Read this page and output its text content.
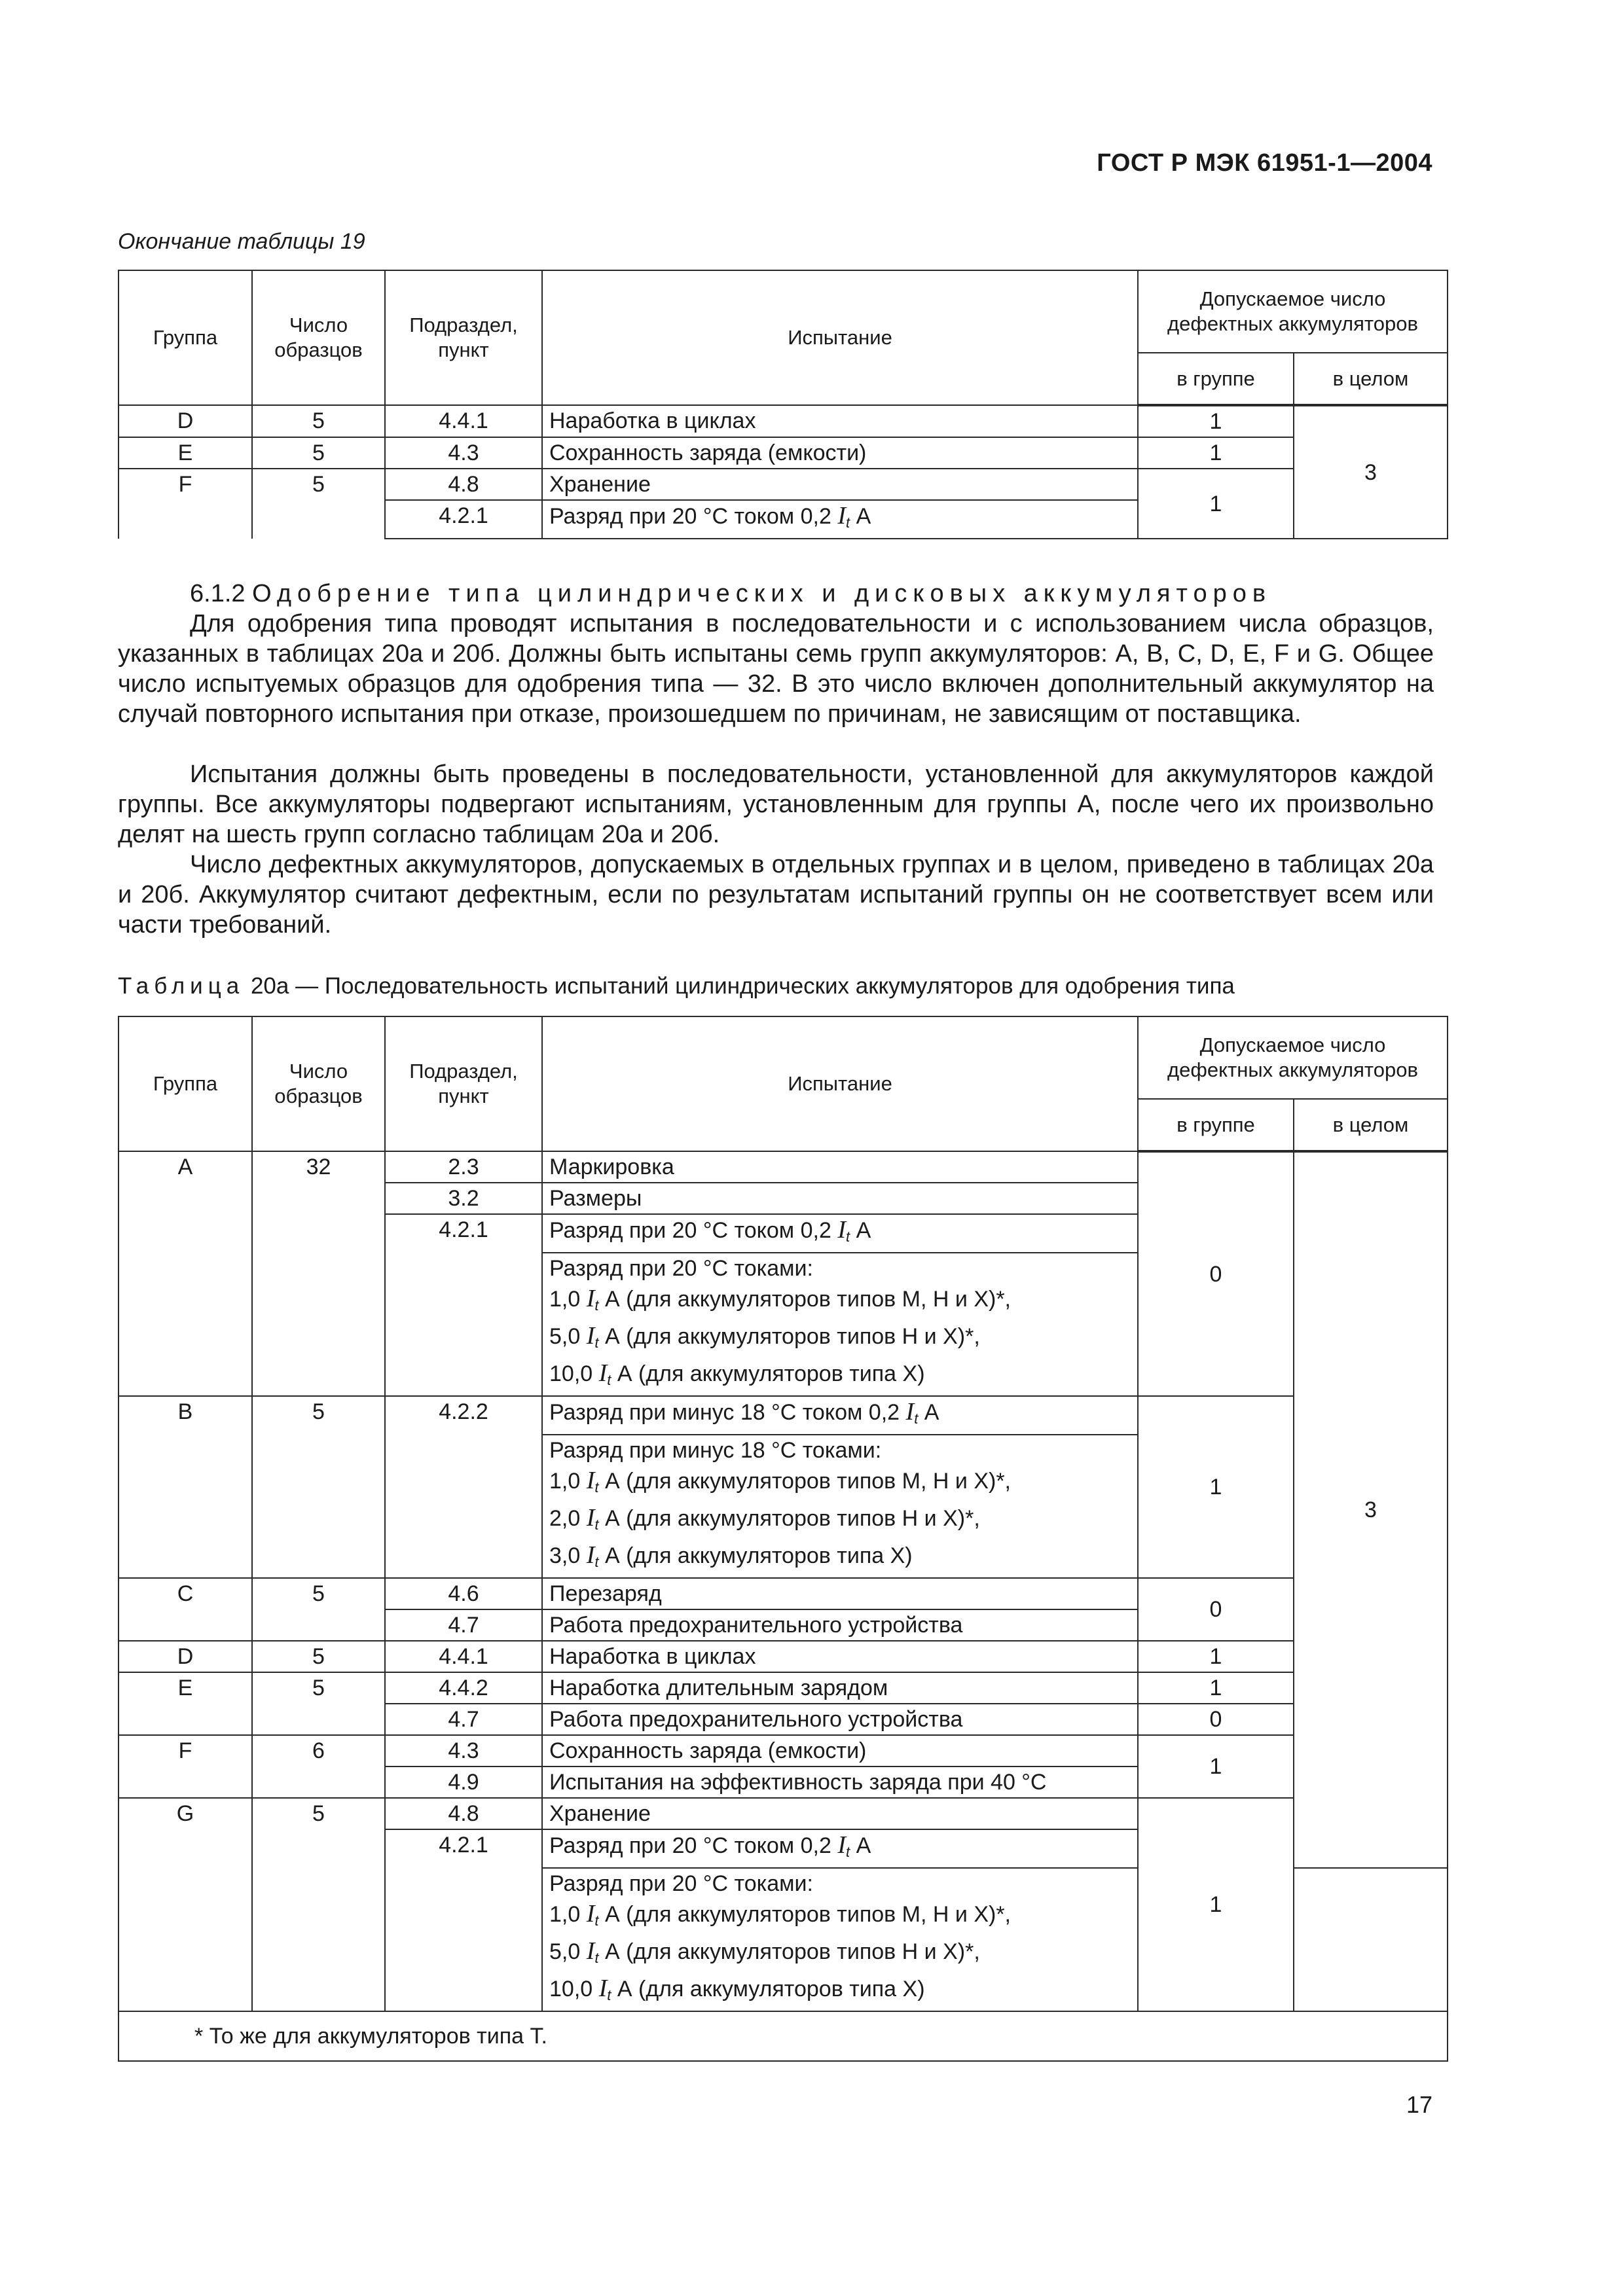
ГОСТ Р МЭК 61951-1—2004
Окончание таблицы 19
Группа	Число образцов	Подраздел, пункт	Испытание	Допускаемое число дефектных аккумуляторов	
				в группе	в целом
D	5	4.4.1	Наработка в циклах	1	3
E	5	4.3	Сохранность заряда (емкости)	1	
F	5	4.8	Хранение	1	
		4.2.1	Разряд при 20 °С током 0,2 $I_t$ А		
6.1.2 Одобрение типа цилиндрических и дисковых аккумуляторов
Для одобрения типа проводят испытания в последовательности и с использованием числа образцов, указанных в таблицах 20а и 20б. Должны быть испытаны семь групп аккумуляторов: А, B, C, D, E, F и G. Общее число испытуемых образцов для одобрения типа — 32. В это число включен дополнительный аккумулятор на случай повторного испытания при отказе, произошедшем по причинам, не зависящим от поставщика.
Испытания должны быть проведены в последовательности, установленной для аккумуляторов каждой группы. Все аккумуляторы подвергают испытаниям, установленным для группы А, после чего их произвольно делят на шесть групп согласно таблицам 20а и 20б.
Число дефектных аккумуляторов, допускаемых в отдельных группах и в целом, приведено в таблицах 20а и 20б. Аккумулятор считают дефектным, если по результатам испытаний группы он не соответствует всем или части требований.
Таблица 20а — Последовательность испытаний цилиндрических аккумуляторов для одобрения типа
Группа	Число образцов	Подраздел, пункт	Испытание	Допускаемое число дефектных аккумуляторов		
				в группе	в целом	
A	32	2.3	Маркировка	0	3	
		3.2	Размеры			
		4.2.1	Разряд при 20 °С током 0,2 $I_t$ А			

			Разряд при 20 °С токами:
1,0 $I_t$ А (для аккумуляторов типов M, H и X)*,
5,0 $I_t$ А (для аккумуляторов типов H и X)*,
10,0 $I_t$ А (для аккумуляторов типа X)			

B	5	4.2.2	Разряд при минус 18 °С током 0,2 $I_t$ А	1		

			Разряд при минус 18 °С токами:
1,0 $I_t$ А (для аккумуляторов типов M, H и X)*,
2,0 $I_t$ А (для аккумуляторов типов H и X)*,
3,0 $I_t$ А (для аккумуляторов типа X)			

C	5	4.6	Перезаряд	0		
		4.7	Работа предохранительного устройства			
D	5	4.4.1	Наработка в циклах	1		
E	5	4.4.2	Наработка длительным зарядом	1		
		4.7	Работа предохранительного устройства	0		
F	6	4.3	Сохранность заряда (емкости)	1		
		4.9	Испытания на эффективность заряда при 40 °С			
G	5	4.8	Хранение	1		
		4.2.1	Разряд при 20 °С током 0,2 $I_t$ А			

			Разряд при 20 °С токами:
1,0 $I_t$ А (для аккумуляторов типов M, H и X)*,
5,0 $I_t$ А (для аккумуляторов типов H и X)*,
10,0 $I_t$ А (для аккумуляторов типа X)			

* То же для аккумуляторов типа Т.						
17
